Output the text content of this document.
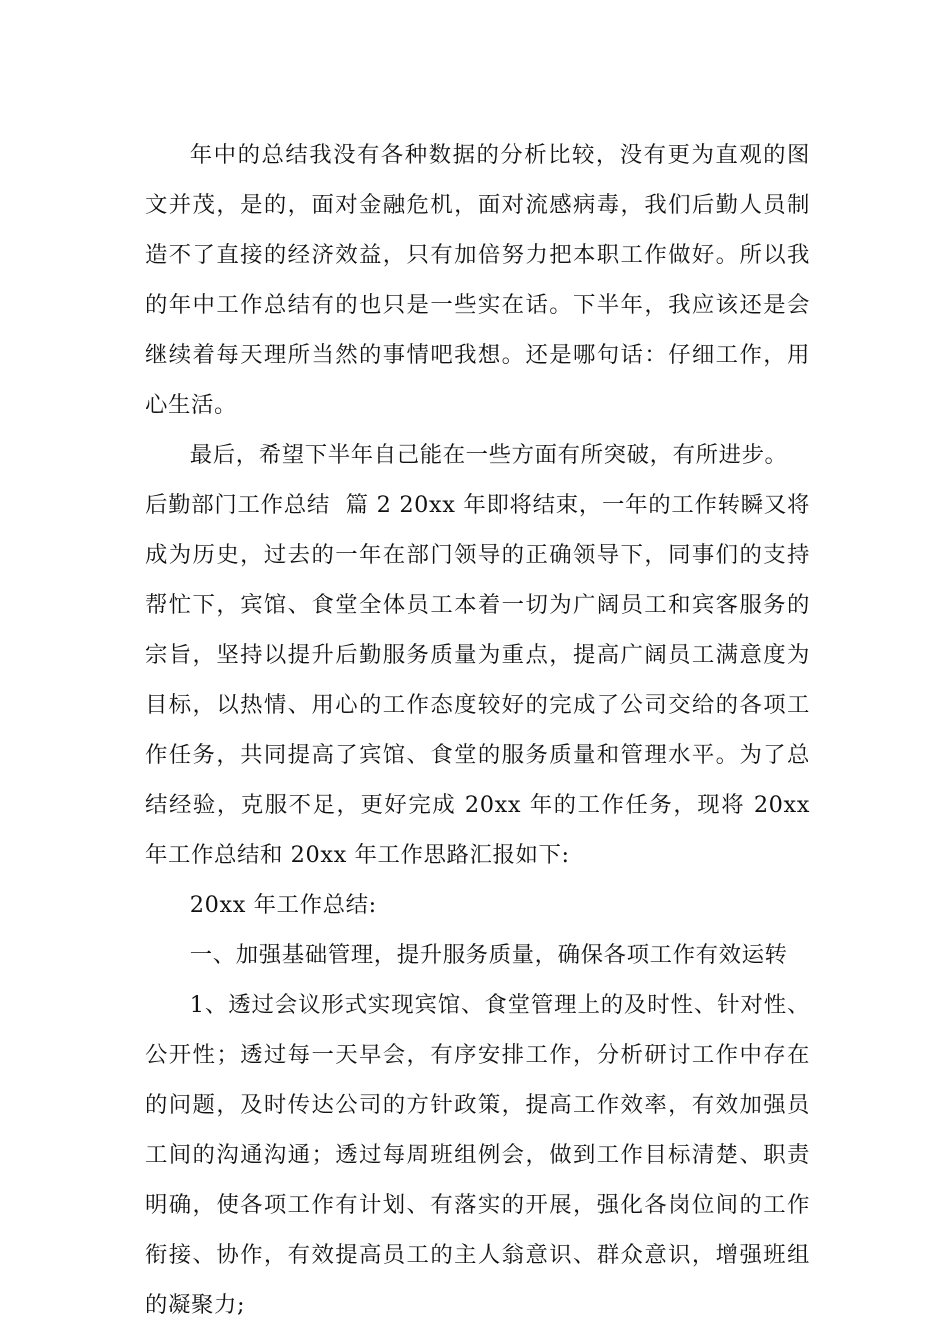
年中的总结我没有各种数据的分析比较，没有更为直观的图文并茂，是的，面对金融危机，面对流感病毒，我们后勤人员制造不了直接的经济效益，只有加倍努力把本职工作做好。所以我的年中工作总结有的也只是一些实在话。下半年，我应该还是会继续着每天理所当然的事情吧我想。还是哪句话：仔细工作，用心生活。

最后，希望下半年自己能在一些方面有所突破，有所进步。

后勤部门工作总结  篇 2 20xx 年即将结束，一年的工作转瞬又将成为历史，过去的一年在部门领导的正确领导下，同事们的支持帮忙下，宾馆、食堂全体员工本着一切为广阔员工和宾客服务的宗旨，坚持以提升后勤服务质量为重点，提高广阔员工满意度为目标，以热情、用心的工作态度较好的完成了公司交给的各项工作任务，共同提高了宾馆、食堂的服务质量和管理水平。为了总结经验，克服不足，更好完成 20xx 年的工作任务，现将 20xx 年工作总结和 20xx 年工作思路汇报如下:

20xx 年工作总结:

一、加强基础管理，提升服务质量，确保各项工作有效运转

1、透过会议形式实现宾馆、食堂管理上的及时性、针对性、公开性；透过每一天早会，有序安排工作，分析研讨工作中存在的问题，及时传达公司的方针政策，提高工作效率，有效加强员工间的沟通沟通；透过每周班组例会，做到工作目标清楚、职责明确，使各项工作有计划、有落实的开展，强化各岗位间的工作衔接、协作，有效提高员工的主人翁意识、群众意识，增强班组的凝聚力;
